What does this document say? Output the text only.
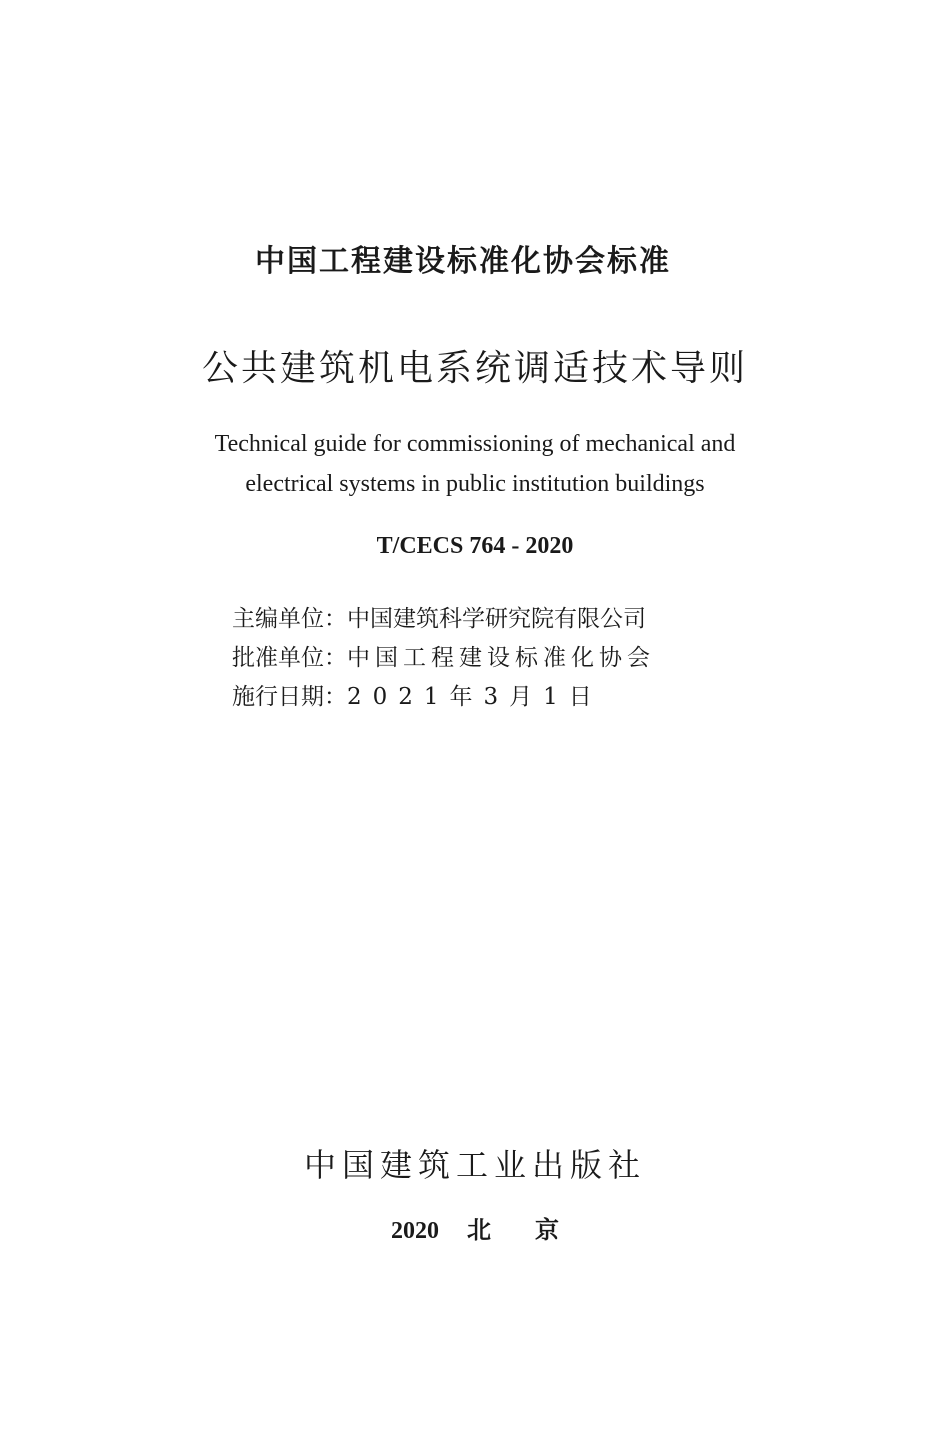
中国工程建设标准化协会标准
公共建筑机电系统调适技术导则
Technical guide for commissioning of mechanical and
electrical systems in public institution buildings
T/CECS 764 - 2020
主编单位：中国建筑科学研究院有限公司
批准单位：中国工程建设标准化协会
施行日期：2021年3月1日
中国建筑工业出版社
2020 北 京
